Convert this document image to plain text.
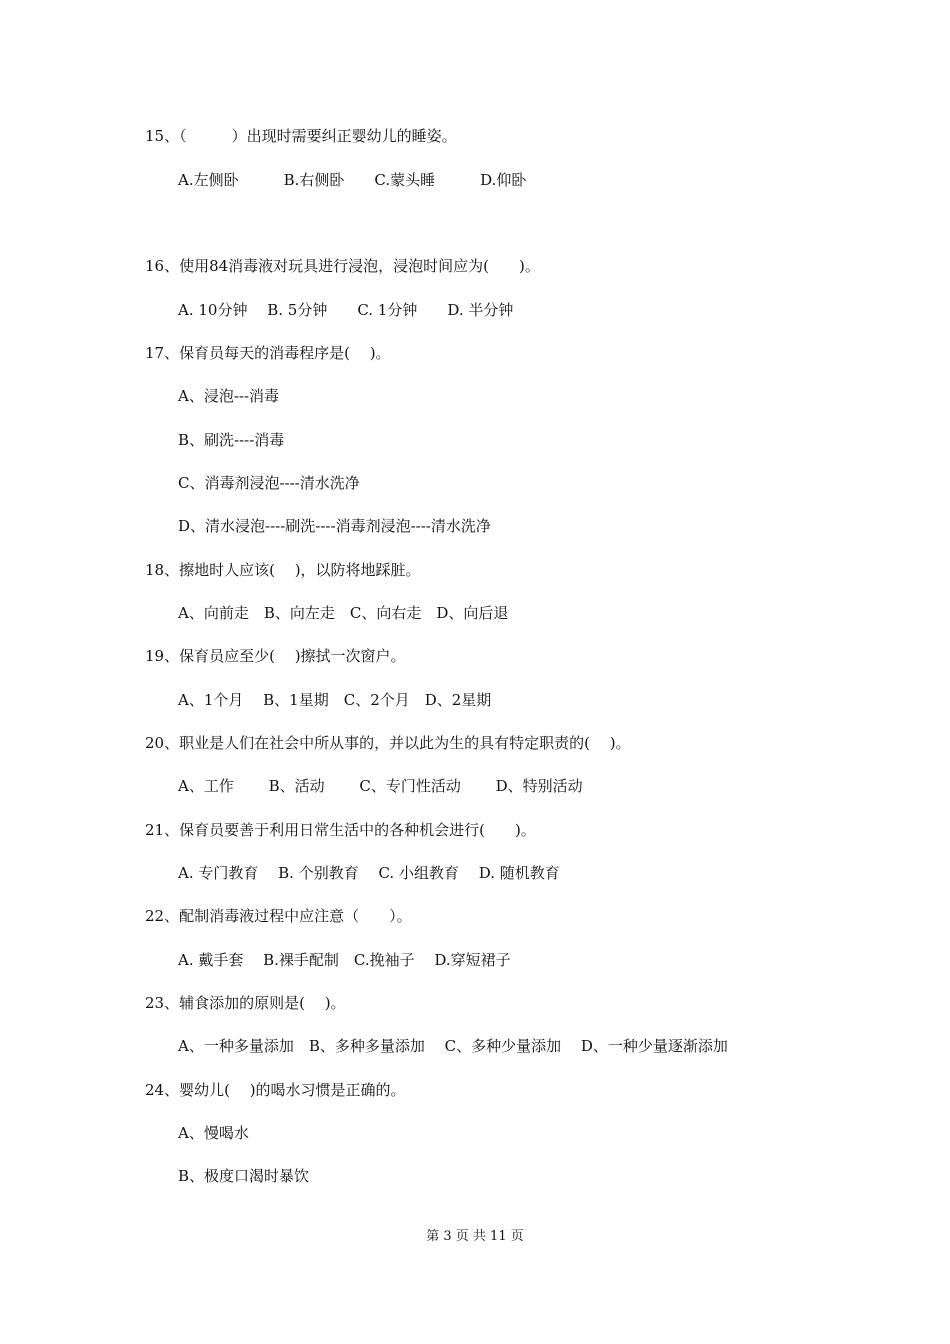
15、（　　　）出现时需要纠正婴幼儿的睡姿。
A.左侧卧　　　B.右侧卧　　C.蒙头睡　　　D.仰卧
16、使用84消毒液对玩具进行浸泡，浸泡时间应为(　　)。
A. 10分钟　 B. 5分钟　　C. 1分钟　　D. 半分钟
17、保育员每天的消毒程序是(　 )。
A、浸泡---消毒
B、刷洗----消毒
C、消毒剂浸泡----清水洗净
D、清水浸泡----刷洗----消毒剂浸泡----清水洗净
18、擦地时人应该(　 )，以防将地踩脏。
A、向前走　B、向左走　C、向右走　D、向后退
19、保育员应至少(　 )擦拭一次窗户。
A、1个月　 B、1星期　C、2个月　D、2星期
20、职业是人们在社会中所从事的，并以此为生的具有特定职责的(　 )。
A、工作　　 B、活动　　 C、专门性活动　　 D、特别活动
21、保育员要善于利用日常生活中的各种机会进行(　　)。
A. 专门教育　 B. 个别教育　 C. 小组教育　 D. 随机教育
22、配制消毒液过程中应注意（　　）。
A. 戴手套　 B.裸手配制　C.挽袖子　 D.穿短裙子
23、辅食添加的原则是(　 )。
A、一种多量添加　B、多种多量添加　 C、多种少量添加　 D、一种少量逐渐添加
24、婴幼儿(　 )的喝水习惯是正确的。
A、慢喝水
B、极度口渴时暴饮
第 3 页 共 11 页
